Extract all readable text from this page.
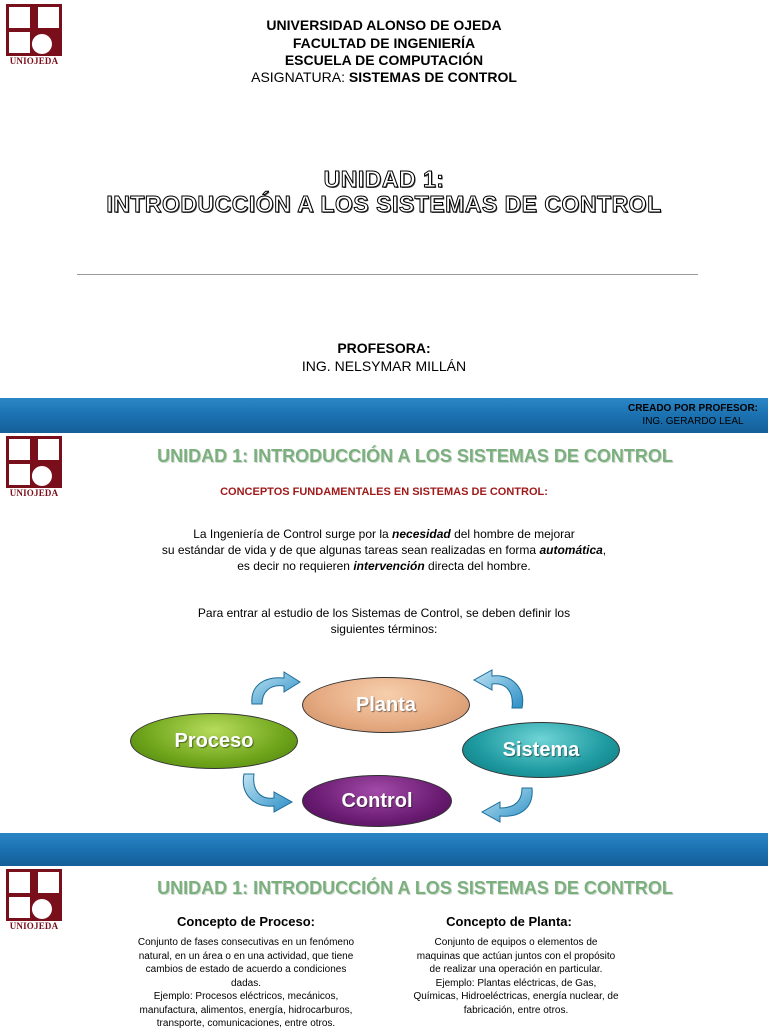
UNIOJEDA
UNIVERSIDAD ALONSO DE OJEDA
FACULTAD DE INGENIERÍA
ESCUELA DE COMPUTACIÓN
ASIGNATURA: SISTEMAS DE CONTROL
UNIDAD 1:
INTRODUCCIÓN A LOS SISTEMAS DE CONTROL
PROFESORA:
ING. NELSYMAR MILLÁN
CREADO POR PROFESOR:
ING. GERARDO LEAL
UNIOJEDA
UNIDAD 1: INTRODUCCIÓN A LOS SISTEMAS DE CONTROL
CONCEPTOS FUNDAMENTALES EN SISTEMAS DE CONTROL:
La Ingeniería de Control surge por la necesidad del hombre de mejorar
su estándar de vida y de que algunas tareas sean realizadas en forma automática,
es decir no requieren intervención directa del hombre.
Para entrar al estudio de los Sistemas de Control, se deben definir los
siguientes términos:
Planta
Proceso	Sistema
Control
UNIOJEDA
UNIDAD 1: INTRODUCCIÓN A LOS SISTEMAS DE CONTROL
Concepto de Proceso:
Conjunto de fases consecutivas en un fenómeno
natural, en un área o en una actividad, que tiene
cambios de estado de acuerdo a condiciones
dadas.
Ejemplo: Procesos eléctricos, mecánicos,
manufactura, alimentos, energía, hidrocarburos,
transporte, comunicaciones, entre otros.
Concepto de Planta:
Conjunto de equipos o elementos de
maquinas que actúan juntos con el propósito
de realizar una operación en particular.
Ejemplo: Plantas eléctricas, de Gas,
Químicas, Hidroeléctricas, energía nuclear, de
fabricación, entre otros.
